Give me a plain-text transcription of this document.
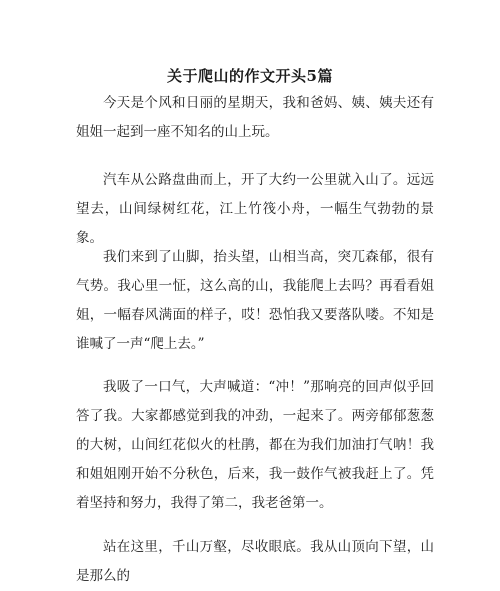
关于爬山的作文开头5篇

今天是个风和日丽的星期天，我和爸妈、姨、姨夫还有姐姐一起到一座不知名的山上玩。

汽车从公路盘曲而上，开了大约一公里就入山了。远远望去，山间绿树红花，江上竹筏小舟，一幅生气勃勃的景象。

我们来到了山脚，抬头望，山相当高，突兀森郁，很有气势。我心里一怔，这么高的山，我能爬上去吗？再看看姐姐，一幅春风满面的样子，哎！恐怕我又要落队喽。不知是谁喊了一声“爬上去。”

我吸了一口气，大声喊道：“冲！”那响亮的回声似乎回答了我。大家都感觉到我的冲劲，一起来了。两旁郁郁葱葱的大树，山间红花似火的杜鹃，都在为我们加油打气呐！我和姐姐刚开始不分秋色，后来，我一鼓作气被我赶上了。凭着坚持和努力，我得了第二，我老爸第一。

站在这里，千山万壑，尽收眼底。我从山顶向下望，山是那么的
